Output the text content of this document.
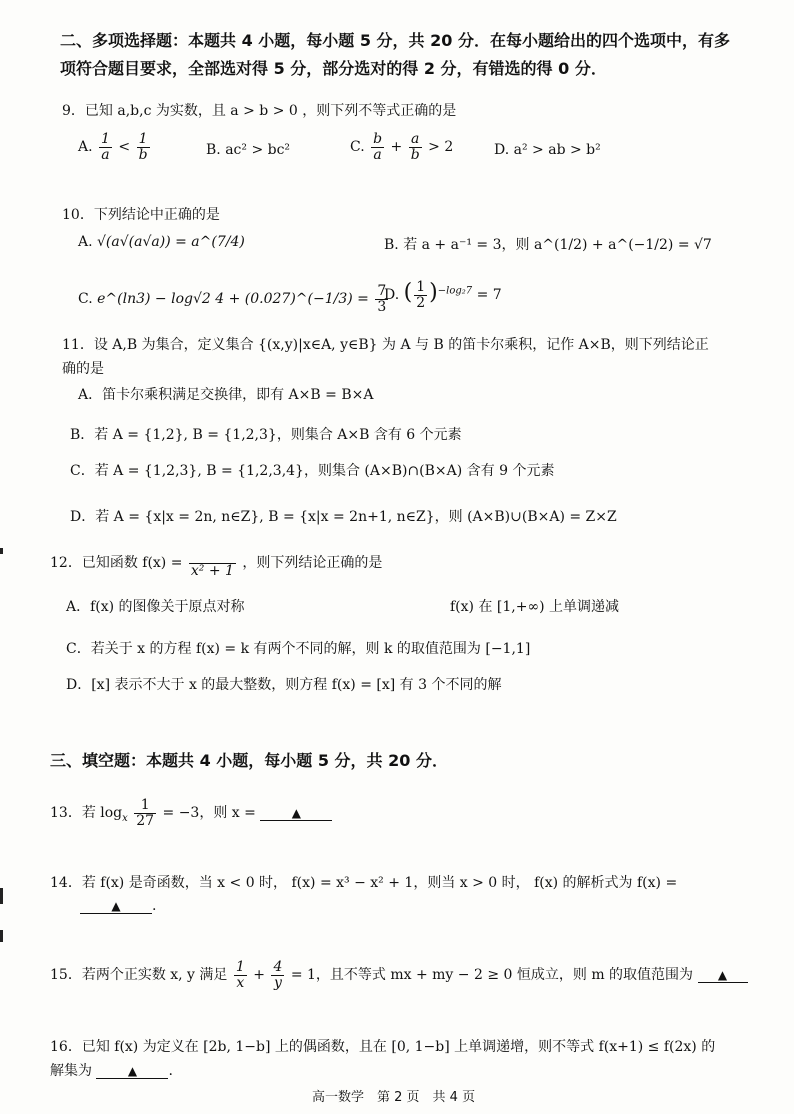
二、多项选择题：本题共 4 小题，每小题 5 分，共 20 分．在每小题给出的四个选项中，有多
项符合题目要求，全部选对得 5 分，部分选对的得 2 分，有错选的得 0 分．
9．已知 a,b,c 为实数，且 a > b > 0 ，则下列不等式正确的是
A. $\frac{1}{a} < \frac{1}{b}$	B. ac² > bc²	C. $\frac{b}{a} + \frac{a}{b} > 2$	D. a² > ab > b²
10．下列结论中正确的是
A. √(a√(a√a)) = a^(7/4)	B. 若 a + a⁻¹ = 3，则 a^(1/2) + a^(−1/2) = √7
C. e^(ln3) − log√2 4 + (0.027)^(−1/3) = $\frac{7}{3}$
D. ( $\frac{1}{2} )^{-log_27} = 7$
11．设 A,B 为集合，定义集合 {(x,y)|x∈A, y∈B} 为 A 与 B 的笛卡尔乘积，记作 A×B，则下列结论正
确的是
A．笛卡尔乘积满足交换律，即有 A×B = B×A
B．若 A = {1,2}, B = {1,2,3}，则集合 A×B 含有 6 个元素
C．若 A = {1,2,3}, B = {1,2,3,4}，则集合 (A×B)∩(B×A) 含有 9 个元素
D．若 A = {x|x = 2n, n∈Z}, B = {x|x = 2n+1, n∈Z}，则 (A×B)∪(B×A) = Z×Z
12．已知函数 f(x) =
x² + 1 ，则下列结论正确的是
A．f(x) 的图像关于原点对称	f(x) 在 [1,+∞) 上单调递减
C．若关于 x 的方程 f(x) = k 有两个不同的解，则 k 的取值范围为 [−1,1]
D．[x] 表示不大于 x 的最大整数，则方程 f(x) = [x] 有 3 个不同的解
三、填空题：本题共 4 小题，每小题 5 分，共 20 分．
13．若 $\log_x \frac{1}{27} = -3$，则 x =	▲
14．若 f(x) 是奇函数，当 x < 0 时， f(x) = x³ − x² + 1，则当 x > 0 时， f(x) 的解析式为 f(x) =
▲ .
15．若两个正实数 x, y 满足 $\frac{1}{x} + \frac{4}{y} = 1$，且不等式 mx + my − 2 ≥ 0 恒成立，则 m 的取值范围为 ▲
16．已知 f(x) 为定义在 [2b, 1−b] 上的偶函数，且在 [0, 1−b] 上单调递增，则不等式 f(x+1) ≤ f(2x) 的
解集为	▲ .
高一数学　第 2 页　共 4 页
